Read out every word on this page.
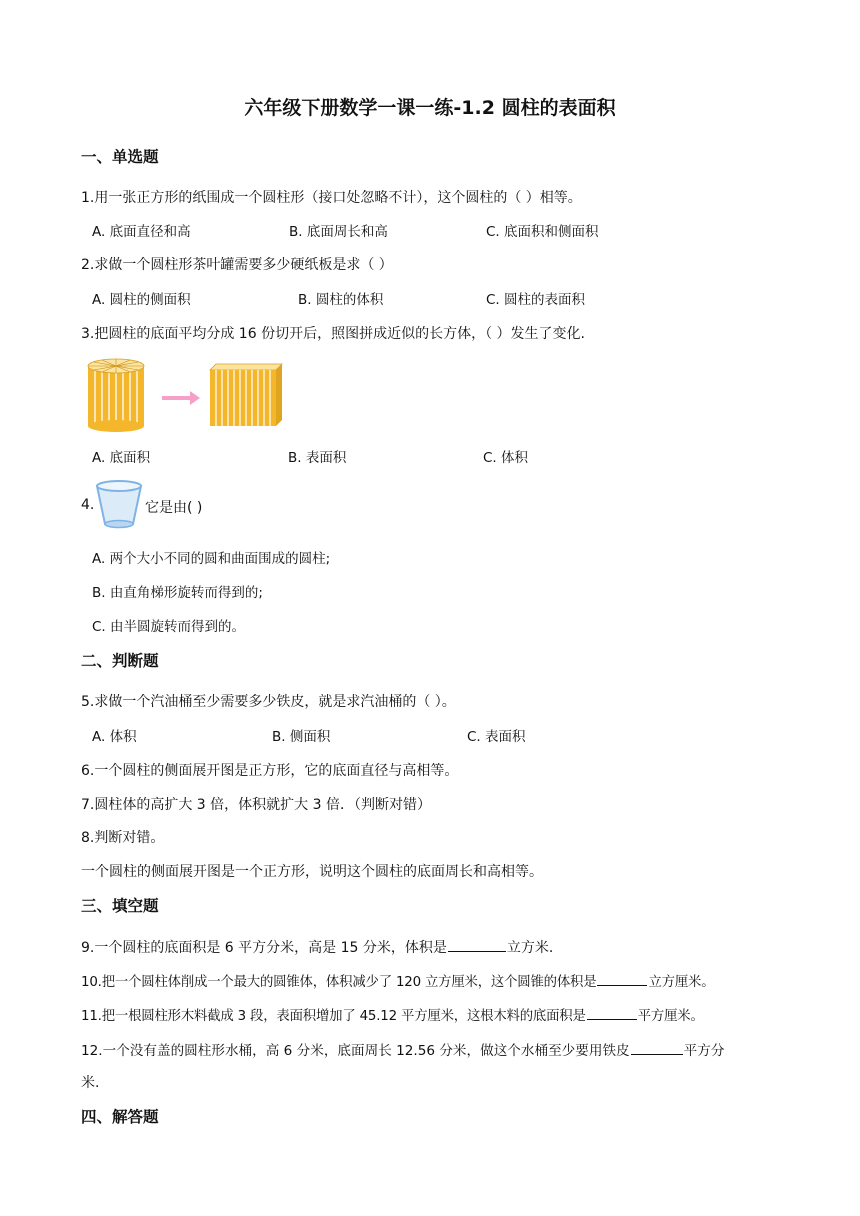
六年级下册数学一课一练-1.2 圆柱的表面积
一、单选题
1.用一张正方形的纸围成一个圆柱形（接口处忽略不计），这个圆柱的（ ）相等。
A. 底面直径和高	B. 底面周长和高	C. 底面积和侧面积
2.求做一个圆柱形茶叶罐需要多少硬纸板是求（ ）
A. 圆柱的侧面积	B. 圆柱的体积	C. 圆柱的表面积
3.把圆柱的底面平均分成 16 份切开后，照图拼成近似的长方体，（ ）发生了变化.
A. 底面积	B. 表面积	C. 体积
4.	它是由( )
A. 两个大小不同的圆和曲面围成的圆柱;
B. 由直角梯形旋转而得到的;
C. 由半圆旋转而得到的。
二、判断题
5.求做一个汽油桶至少需要多少铁皮，就是求汽油桶的（ ）。
A. 体积	B. 侧面积	C. 表面积
6.一个圆柱的侧面展开图是正方形，它的底面直径与高相等。
7.圆柱体的高扩大 3 倍，体积就扩大 3 倍．（判断对错）
8.判断对错。
一个圆柱的侧面展开图是一个正方形，说明这个圆柱的底面周长和高相等。
三、填空题
9.一个圆柱的底面积是 6 平方分米，高是 15 分米，体积是	立方米.
10.把一个圆柱体削成一个最大的圆锥体，体积减少了 120 立方厘米，这个圆锥的体积是	立方厘米。
11.把一根圆柱形木料截成 3 段，表面积增加了 45.12 平方厘米，这根木料的底面积是	平方厘米。
12.一个没有盖的圆柱形水桶，高 6 分米，底面周长 12.56 分米，做这个水桶至少要用铁皮	平方分
米.
四、解答题
